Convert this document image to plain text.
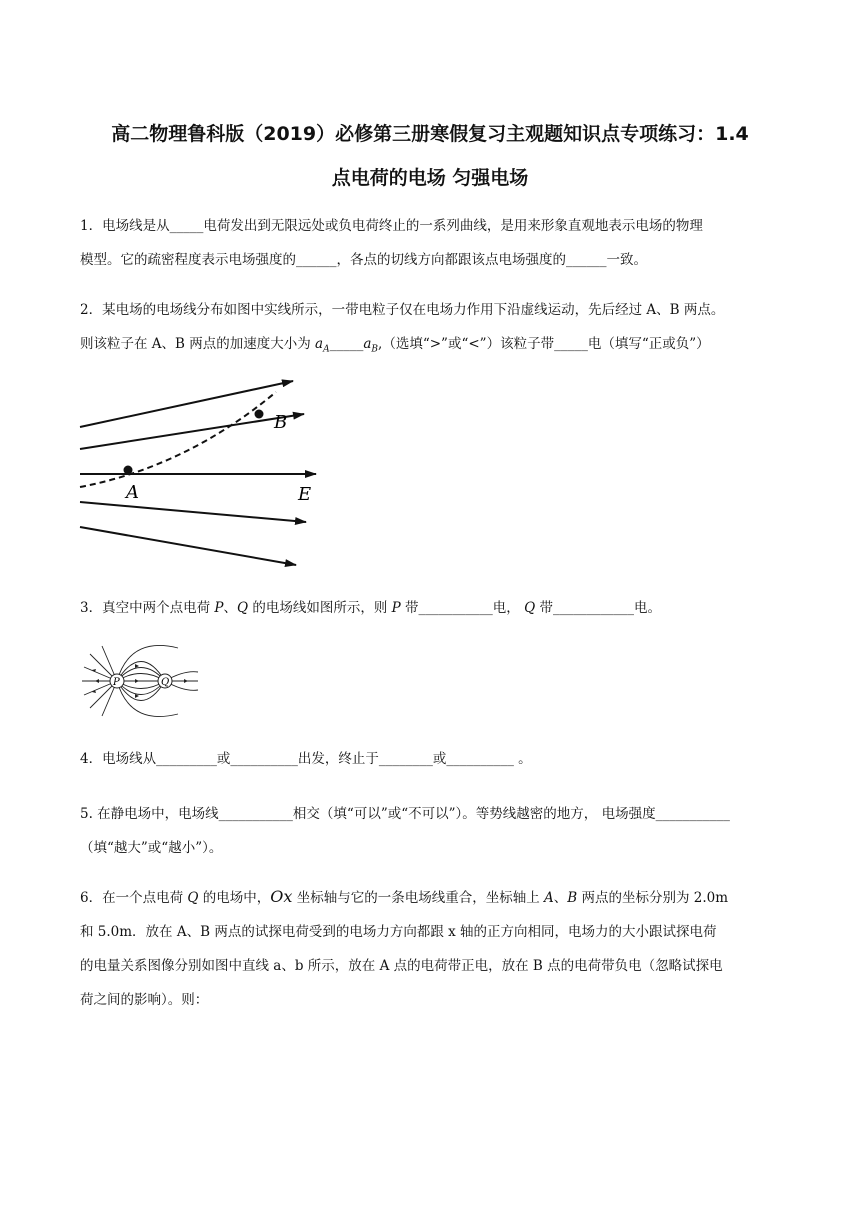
高二物理鲁科版（2019）必修第三册寒假复习主观题知识点专项练习：1.4
点电荷的电场 匀强电场
1．电场线是从_____电荷发出到无限远处或负电荷终止的一系列曲线，是用来形象直观地表示电场的物理
模型。它的疏密程度表示电场强度的______，各点的切线方向都跟该点电场强度的______一致。
2．某电场的电场线分布如图中实线所示，一带电粒子仅在电场力作用下沿虚线运动，先后经过 A、B 两点。
则该粒子在 A、B 两点的加速度大小为 $a_A\_\_\_\_\_a_B$,（选填“>”或“<”）该粒子带_____电（填写“正或负”）
A
B
E
3．真空中两个点电荷 P、Q 的电场线如图所示，则 P 带___________电， Q 带____________电。
P	Q
4．电场线从_________或__________出发，终止于________或__________ 。
5. 在静电场中，电场线___________相交（填“可以”或“不可以”）。等势线越密的地方， 电场强度___________
（填“越大”或“越小”）。
6．在一个点电荷 Q 的电场中，Ox 坐标轴与它的一条电场线重合，坐标轴上 A、B 两点的坐标分别为 2.0m
和 5.0m．放在 A、B 两点的试探电荷受到的电场力方向都跟 x 轴的正方向相同，电场力的大小跟试探电荷
的电量关系图像分别如图中直线 a、b 所示，放在 A 点的电荷带正电，放在 B 点的电荷带负电（忽略试探电
荷之间的影响）。则：
